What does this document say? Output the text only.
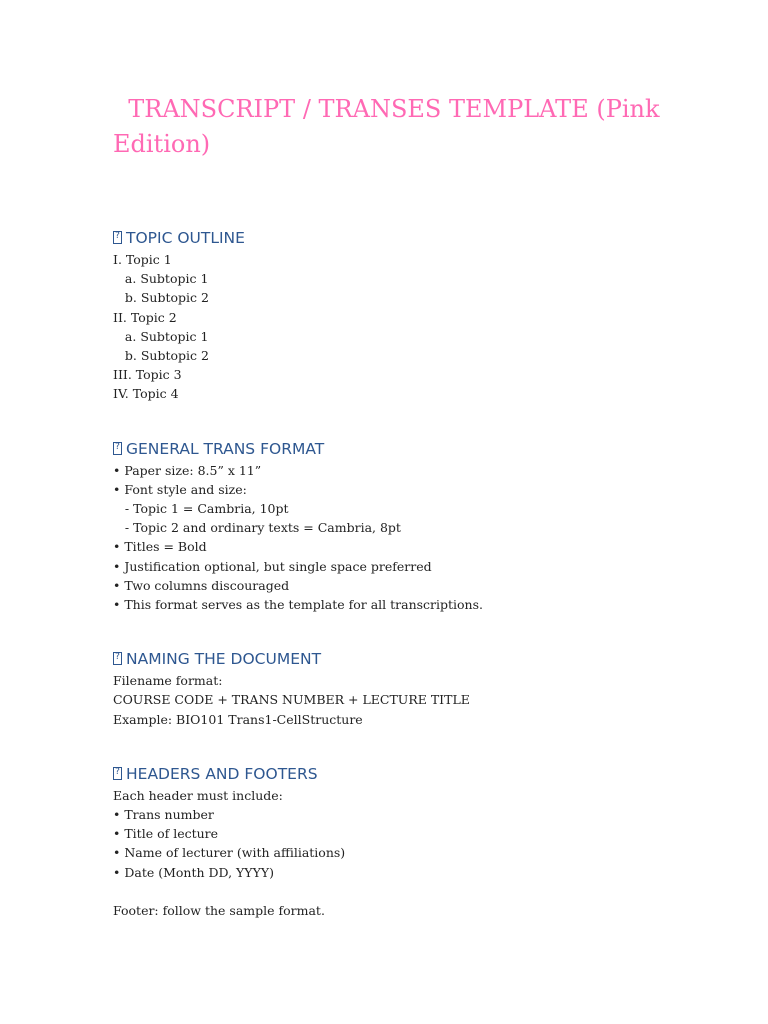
TRANSCRIPT / TRANSES TEMPLATE (Pink Edition)
?TOPIC OUTLINE

I. Topic 1

a. Subtopic 1

b. Subtopic 2

II. Topic 2

a. Subtopic 1

b. Subtopic 2

III. Topic 3

IV. Topic 4

?GENERAL TRANS FORMAT

• Paper size: 8.5” x 11”

• Font style and size:

- Topic 1 = Cambria, 10pt

- Topic 2 and ordinary texts = Cambria, 8pt

• Titles = Bold

• Justification optional, but single space preferred

• Two columns discouraged

• This format serves as the template for all transcriptions.

?NAMING THE DOCUMENT

Filename format:

COURSE CODE + TRANS NUMBER + LECTURE TITLE

Example: BIO101 Trans1-CellStructure

?HEADERS AND FOOTERS

Each header must include:

• Trans number

• Title of lecture

• Name of lecturer (with affiliations)

• Date (Month DD, YYYY)

Footer: follow the sample format.
